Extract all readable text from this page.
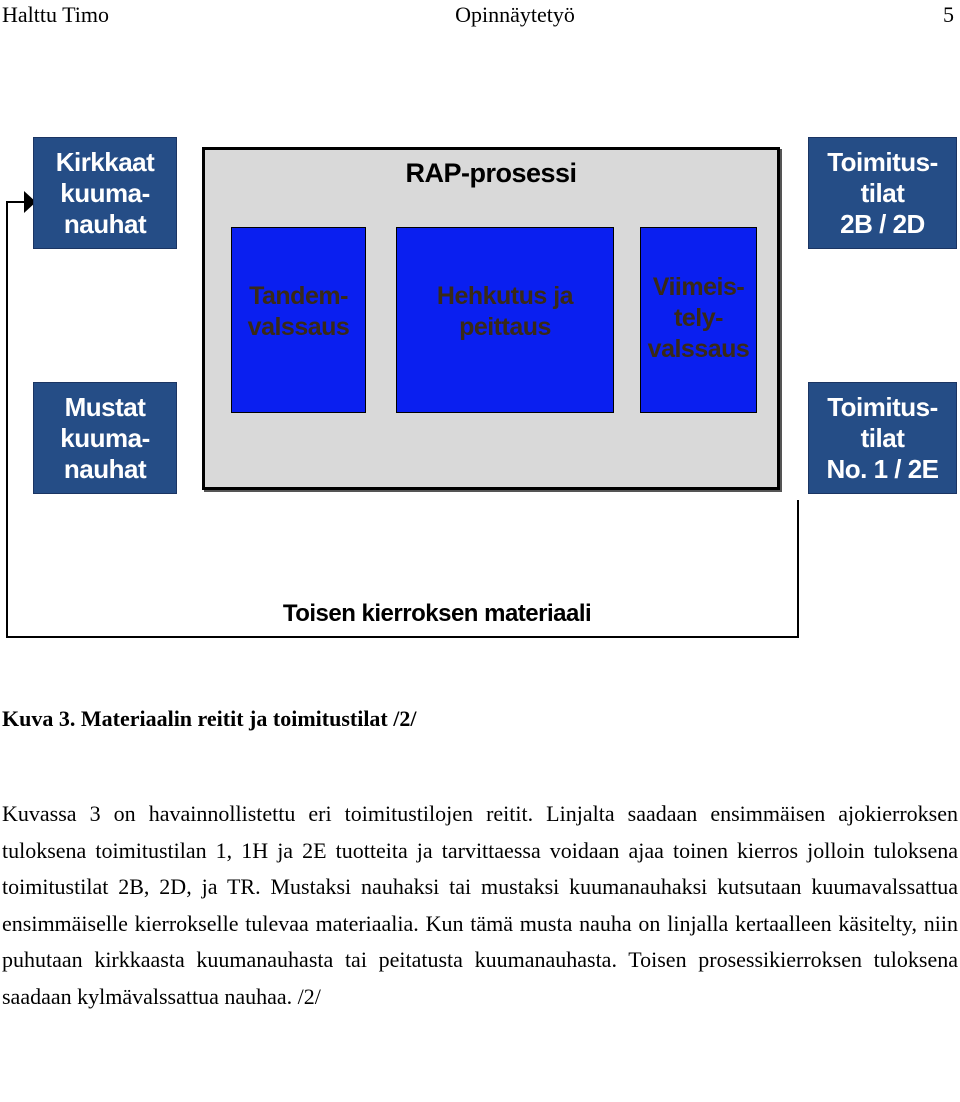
Halttu Timo	Opinnäytetyö	5
RAP-prosessi
Kirkkaat
kuuma-
nauhat
Mustat
kuuma-
nauhat
Tandem-
valssaus
Hehkutus ja
peittaus
Viimeis-
tely-
valssaus
Toimitus-
tilat
2B / 2D
Toimitus-
tilat
No. 1 / 2E
Toisen kierroksen materiaali
Kuva 3. Materiaalin reitit ja toimitustilat /2/

Kuvassa 3 on havainnollistettu eri toimitustilojen reitit. Linjalta saadaan ensimmäisen ajokierroksen tuloksena toimitustilan 1, 1H ja 2E tuotteita ja tarvittaessa voidaan ajaa toinen kierros jolloin tuloksena toimitustilat 2B, 2D, ja TR. Mustaksi nauhaksi tai mustaksi kuumanauhaksi kutsutaan kuumavalssattua ensimmäiselle kierrokselle tulevaa materiaalia. Kun tämä musta nauha on linjalla kertaalleen käsitelty, niin puhutaan kirkkaasta kuumanauhasta tai peitatusta kuumanauhasta. Toisen prosessikierroksen tuloksena saadaan kylmävalssattua nauhaa. /2/
